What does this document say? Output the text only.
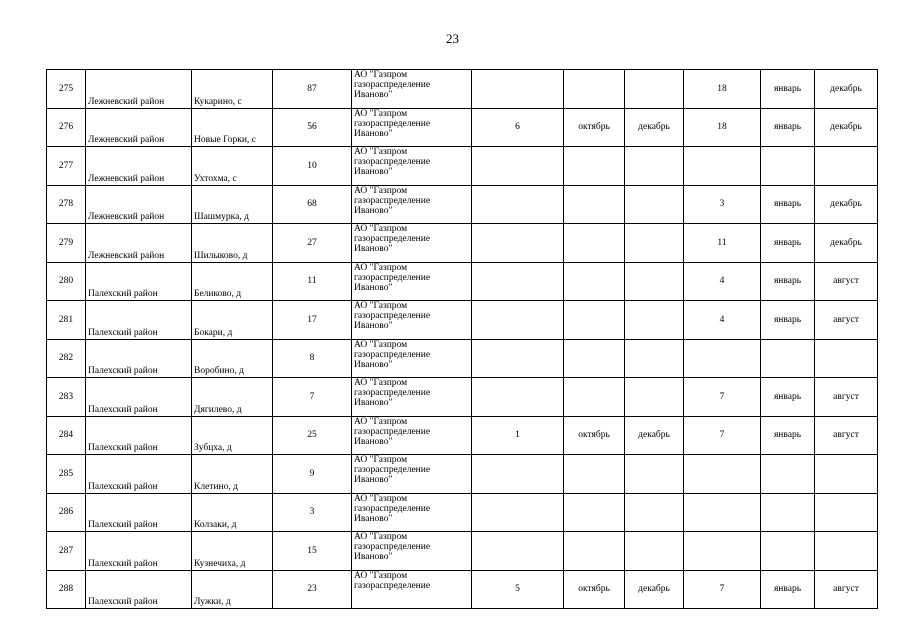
23
275	Лежневский район	Кукарино, с	87	АО "Газпром
газораспределение
Иваново"				18	январь	декабрь
276	Лежневский район	Новые Горки, с	56	АО "Газпром
газораспределение
Иваново"	6	октябрь	декабрь	18	январь	декабрь
277	Лежневский район	Ухтохма, с	10	АО "Газпром
газораспределение
Иваново"						

278	Лежневский район	Шашмурка, д	68	АО "Газпром
газораспределение
Иваново"				3	январь	декабрь
279	Лежневский район	Шилыково, д	27	АО "Газпром
газораспределение
Иваново"				11	январь	декабрь
280	Палехский район	Беликово, д	11	АО "Газпром
газораспределение
Иваново"				4	январь	август
281	Палехский район	Бокари, д	17	АО "Газпром
газораспределение
Иваново"				4	январь	август
282	Палехский район	Воробино, д	8	АО "Газпром
газораспределение
Иваново"						

283	Палехский район	Дягилево, д	7	АО "Газпром
газораспределение
Иваново"				7	январь	август
284	Палехский район	Зубцха, д	25	АО "Газпром
газораспределение
Иваново"	1	октябрь	декабрь	7	январь	август
285	Палехский район	Клетино, д	9	АО "Газпром
газораспределение
Иваново"						

286	Палехский район	Колзаки, д	3	АО "Газпром
газораспределение
Иваново"						

287	Палехский район	Кузнечиха, д	15	АО "Газпром
газораспределение
Иваново"						

288	Палехский район	Лужки, д	23	АО "Газпром
газораспределение	5	октябрь	декабрь	7	январь	август
